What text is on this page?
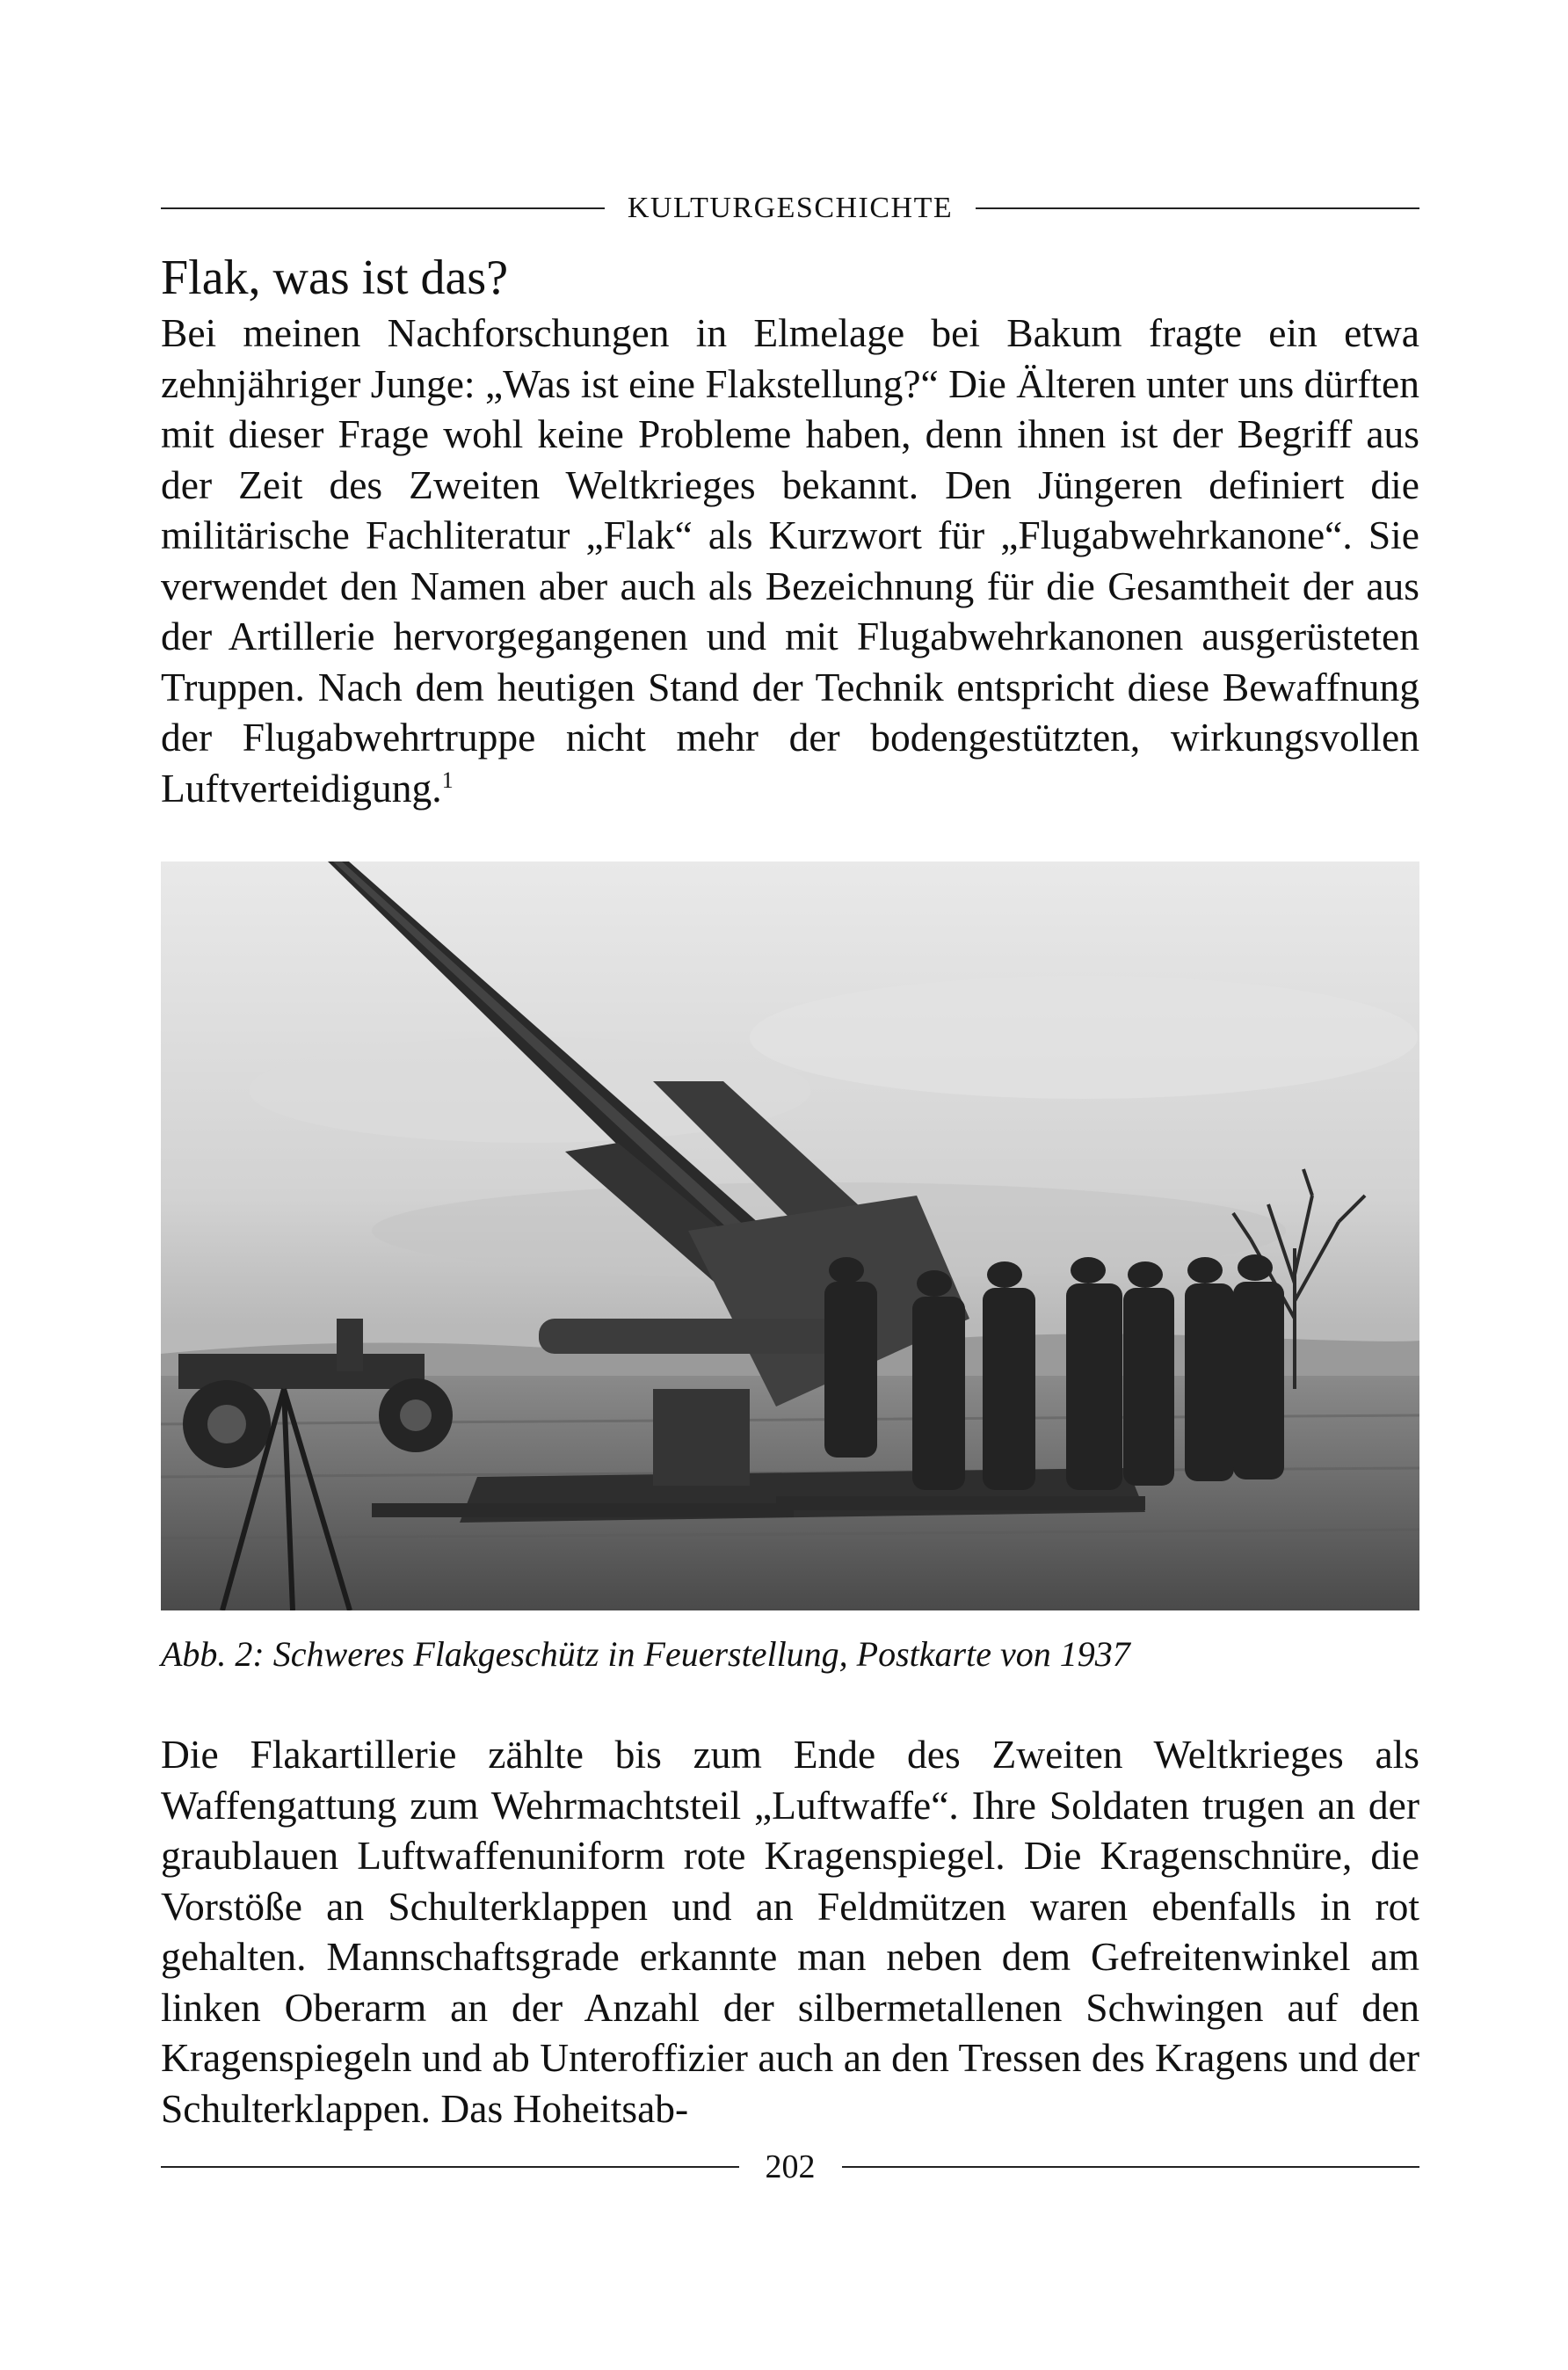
KULTURGESCHICHTE
Flak, was ist das?

Bei meinen Nachforschungen in Elmelage bei Bakum fragte ein etwa zehnjähriger Junge: „Was ist eine Flakstellung?“ Die Älteren unter uns dürften mit dieser Frage wohl keine Probleme haben, denn ihnen ist der Begriff aus der Zeit des Zweiten Weltkrieges bekannt. Den Jüngeren definiert die militärische Fachliteratur „Flak“ als Kurzwort für „Flugabwehrkanone“. Sie verwendet den Namen aber auch als Bezeichnung für die Gesamtheit der aus der Artillerie hervorgegangenen und mit Flugabwehrkanonen ausgerüsteten Truppen. Nach dem heutigen Stand der Technik entspricht diese Bewaffnung der Flugabwehrtruppe nicht mehr der bodengestützten, wirkungsvollen Luftverteidigung.$^1$

Abb. 2: Schweres Flakgeschütz in Feuerstellung, Postkarte von 1937

Die Flakartillerie zählte bis zum Ende des Zweiten Weltkrieges als Waffengattung zum Wehrmachtsteil „Luftwaffe“. Ihre Soldaten trugen an der graublauen Luftwaffenuniform rote Kragenspiegel. Die Kragenschnüre, die Vorstöße an Schulterklappen und an Feldmützen waren ebenfalls in rot gehalten. Mannschaftsgrade erkannte man neben dem Gefreitenwinkel am linken Oberarm an der Anzahl der silbermetallenen Schwingen auf den Kragenspiegeln und ab Unteroffizier auch an den Tressen des Kragens und der Schulterklappen. Das Hoheitsab-

202
